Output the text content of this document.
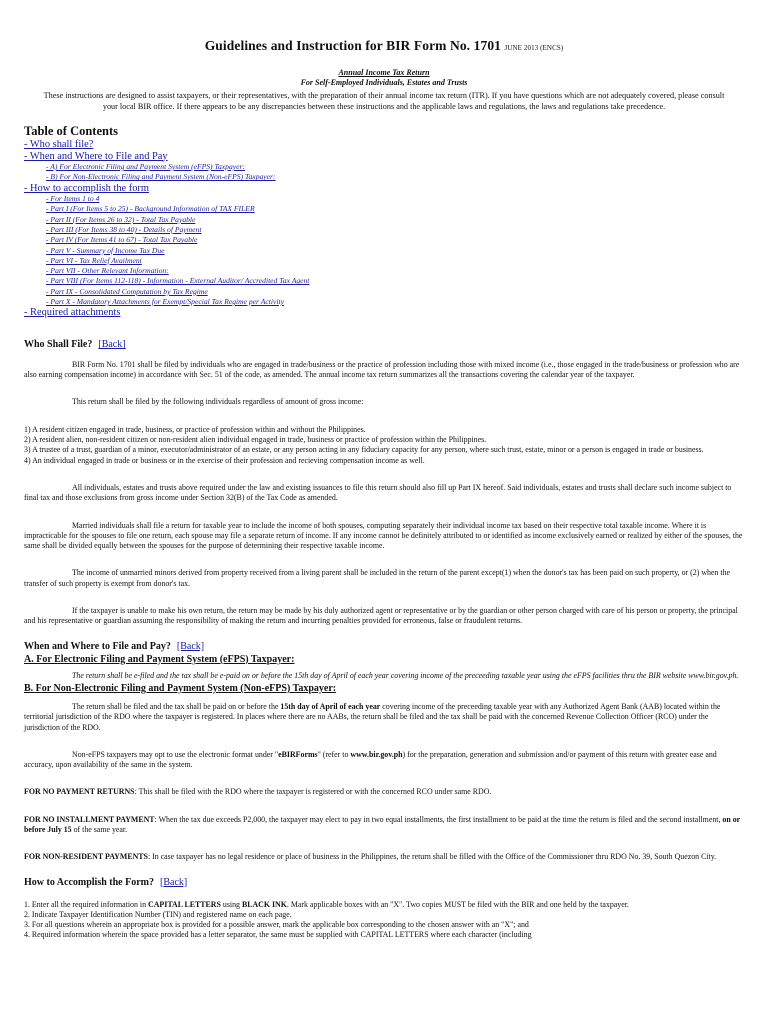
Guidelines and Instruction for BIR Form No. 1701 JUNE 2013 (ENCS)
Annual Income Tax Return
For Self-Employed Individuals, Estates and Trusts

These instructions are designed to assist taxpayers, or their representatives, with the preparation of their annual income tax return (ITR). If you have questions which are not adequately covered, please consult your local BIR office. If there appears to be any discrepancies between these instructions and the applicable laws and regulations, the laws and regulations take precedence.

Table of Contents
- Who shall file?
- When and Where to File and Pay
- A) For Electronic Filing and Payment System (eFPS) Taxpayer:
- B) For Non-Electronic Filing and Payment System (Non-eFPS) Taxpayer:
- How to accomplish the form
- For Items 1 to 4
- Part I (For Items 5 to 25) - Background Information of TAX FILER
- Part II (For Items 26 to 32) - Total Tax Payable
- Part III (For Items 38 to 40) - Details of Payment
- Part IV (For Items 41 to 67) - Total Tax Payable
- Part V - Summary of Income Tax Due
- Part VI - Tax Relief Availment
- Part VII - Other Relevant Information:
- Part VIII (For Items 112-118) - Information - External Auditor/ Accredited Tax Agent
- Part IX - Consolidated Computation by Tax Regime
- Part X - Mandatory Attachments for Exempt/Special Tax Regime per Activity
- Required attachments
Who Shall File? [Back]

BIR Form No. 1701 shall be filed by individuals who are engaged in trade/business or the practice of profession including those with mixed income (i.e., those engaged in the trade/business or profession who are also earning compensation income) in accordance with Sec. 51 of the code, as amended. The annual income tax return summarizes all the transactions covering the calendar year of the taxpayer.

This return shall be filed by the following individuals regardless of amount of gross income:

1) A resident citizen engaged in trade, business, or practice of profession within and without the Philippines.

2) A resident alien, non-resident citizen or non-resident alien individual engaged in trade, business or practice of profession within the Philippines.

3) A trustee of a trust, guardian of a minor, executor/administrator of an estate, or any person acting in any fiduciary capacity for any person, where such trust, estate, minor or a person is engaged in trade or business.

4) An individual engaged in trade or business or in the exercise of their profession and recieving compensation income as well.

All individuals, estates and trusts above required under the law and existing issuances to file this return should also fill up Part IX hereof. Said individuals, estates and trusts shall declare such income subject to final tax and those exclusions from gross income under Section 32(B) of the Tax Code as amended.

Married individuals shall file a return for taxable year to include the income of both spouses, computing separately their individual income tax based on their respective total taxable income. Where it is impracticable for the spouses to file one return, each spouse may file a separate return of income. If any income cannot be definitely attributed to or identified as income exclusively earned or realized by either of the spouses, the same shall be divided equally between the spouses for the purpose of determining their respective taxable income.

The income of unmarried minors derived from property received from a living parent shall be included in the return of the parent except(1) when the donor's tax has been paid on such property, or (2) when the transfer of such property is exempt from donor's tax.

If the taxpayer is unable to make his own return, the return may be made by his duly authorized agent or representative or by the guardian or other person charged with care of his person or property, the principal and his representative or guardian assuming the responsibility of making the return and incurring penalties provided for erroneous, false or fraudulent returns.

When and Where to File and Pay? [Back]
A. For Electronic Filing and Payment System (eFPS) Taxpayer:

The return shall be e-filed and the tax shall be e-paid on or before the 15th day of April of each year covering income of the preceeding taxable year using the eFPS facilities thru the BIR website www.bir.gov.ph.

B. For Non-Electronic Filing and Payment System (Non-eFPS) Taxpayer:

The return shall be filed and the tax shall be paid on or before the 15th day of April of each year covering income of the preceeding taxable year with any Authorized Agent Bank (AAB) located within the territorial jurisdiction of the RDO where the taxpayer is registered. In places where there are no AABs, the return shall be filed and the tax shall be paid with the concerned Revenue Collection Officer (RCO) under the jurisdiction of the RDO.

Non-eFPS taxpayers may opt to use the electronic format under "eBIRForms" (refer to www.bir.gov.ph) for the preparation, generation and submission and/or payment of this return with greater ease and accuracy, upon availability of the same in the system.

FOR NO PAYMENT RETURNS: This shall be filed with the RDO where the taxpayer is registered or with the concerned RCO under same RDO.

FOR NO INSTALLMENT PAYMENT: When the tax due exceeds P2,000, the taxpayer may elect to pay in two equal installments, the first installment to be paid at the time the return is filed and the second installment, on or before July 15 of the same year.

FOR NON-RESIDENT PAYMENTS: In case taxpayer has no legal residence or place of business in the Philippines, the return shall be filled with the Office of the Commissioner thru RDO No. 39, South Quezon City.

How to Accomplish the Form? [Back]

1. Enter all the required information in CAPITAL LETTERS using BLACK INK. Mark applicable boxes with an "X". Two copies MUST be filed with the BIR and one held by the taxpayer.

2. Indicate Taxpayer Identification Number (TIN) and registered name on each page.

3. For all questions wherein an appropriate box is provided for a possible answer, mark the applicable box corresponding to the chosen answer with an "X"; and

4. Required information wherein the space provided has a letter separator, the same must be supplied with CAPITAL LETTERS where each character (including
